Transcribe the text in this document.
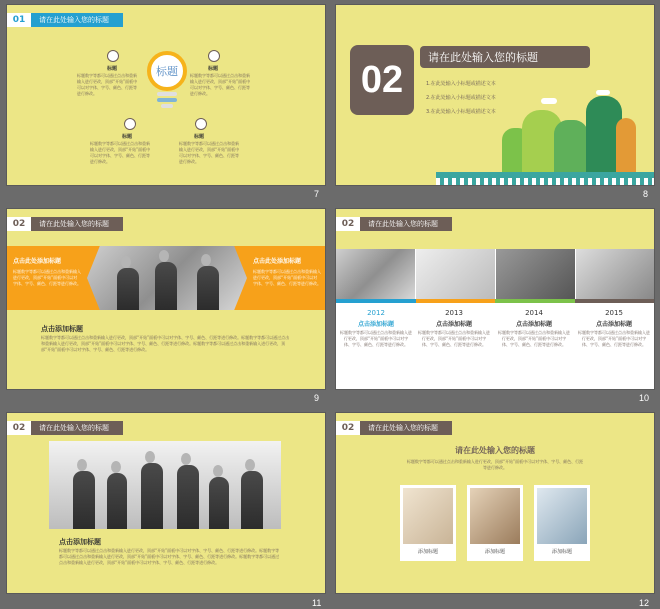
01	请在此处输入您的标题
标题
标题
标题数字等都可以通过点击和重新输入进行更改，顶部“开始”面板中可以对字体、字号、颜色、行距等进行修改。
标题
标题数字等都可以通过点击和重新输入进行更改，顶部“开始”面板中可以对字体、字号、颜色、行距等进行修改。
标题
标题数字等都可以通过点击和重新输入进行更改，顶部“开始”面板中可以对字体、字号、颜色、行距等进行修改。
标题
标题数字等都可以通过点击和重新输入进行更改，顶部“开始”面板中可以对字体、字号、颜色、行距等进行修改。
7
02
请在此处输入您的标题
1.在此处输入小标题或描述文本
2.在此处输入小标题或描述文本
3.在此处输入小标题或描述文本
8
02	请在此处输入您的标题
点击此处添加标题
标题数字等都可以通过点击和重新输入进行更改，顶部“开始”面板中可以对字体、字号、颜色、行距等进行修改。
点击此处添加标题
标题数字等都可以通过点击和重新输入进行更改，顶部“开始”面板中可以对字体、字号、颜色、行距等进行修改。
点击添加标题
标题数字等都可以通过点击和重新输入进行更改，顶部“开始”面板中可以对字体、字号、颜色、行距等进行修改。标题数字等都可以通过点击和重新输入进行更改，顶部“开始”面板中可以对字体、字号、颜色、行距等进行修改。标题数字等都可以通过点击和重新输入进行更改，顶部“开始”面板中可以对字体、字号、颜色、行距等进行修改。
9
02	请在此处输入您的标题
2012
点击添加标题
标题数字等都可以通过点击和重新输入进行更改，顶部“开始”面板中可以对字体、字号、颜色、行距等进行修改。
2013
点击添加标题
标题数字等都可以通过点击和重新输入进行更改，顶部“开始”面板中可以对字体、字号、颜色、行距等进行修改。
2014
点击添加标题
标题数字等都可以通过点击和重新输入进行更改，顶部“开始”面板中可以对字体、字号、颜色、行距等进行修改。
2015
点击添加标题
标题数字等都可以通过点击和重新输入进行更改，顶部“开始”面板中可以对字体、字号、颜色、行距等进行修改。
10
02	请在此处输入您的标题
点击添加标题
标题数字等都可以通过点击和重新输入进行更改，顶部“开始”面板中可以对字体、字号、颜色、行距等进行修改。标题数字等都可以通过点击和重新输入进行更改，顶部“开始”面板中可以对字体、字号、颜色、行距等进行修改。标题数字等都可以通过点击和重新输入进行更改，顶部“开始”面板中可以对字体、字号、颜色、行距等进行修改。
11
02	请在此处输入您的标题
请在此处输入您的标题
标题数字等都可以通过点击和重新输入进行更改，顶部“开始”面板中可以对字体、字号、颜色、行距等进行修改。
添加标题	添加标题	添加标题
12
